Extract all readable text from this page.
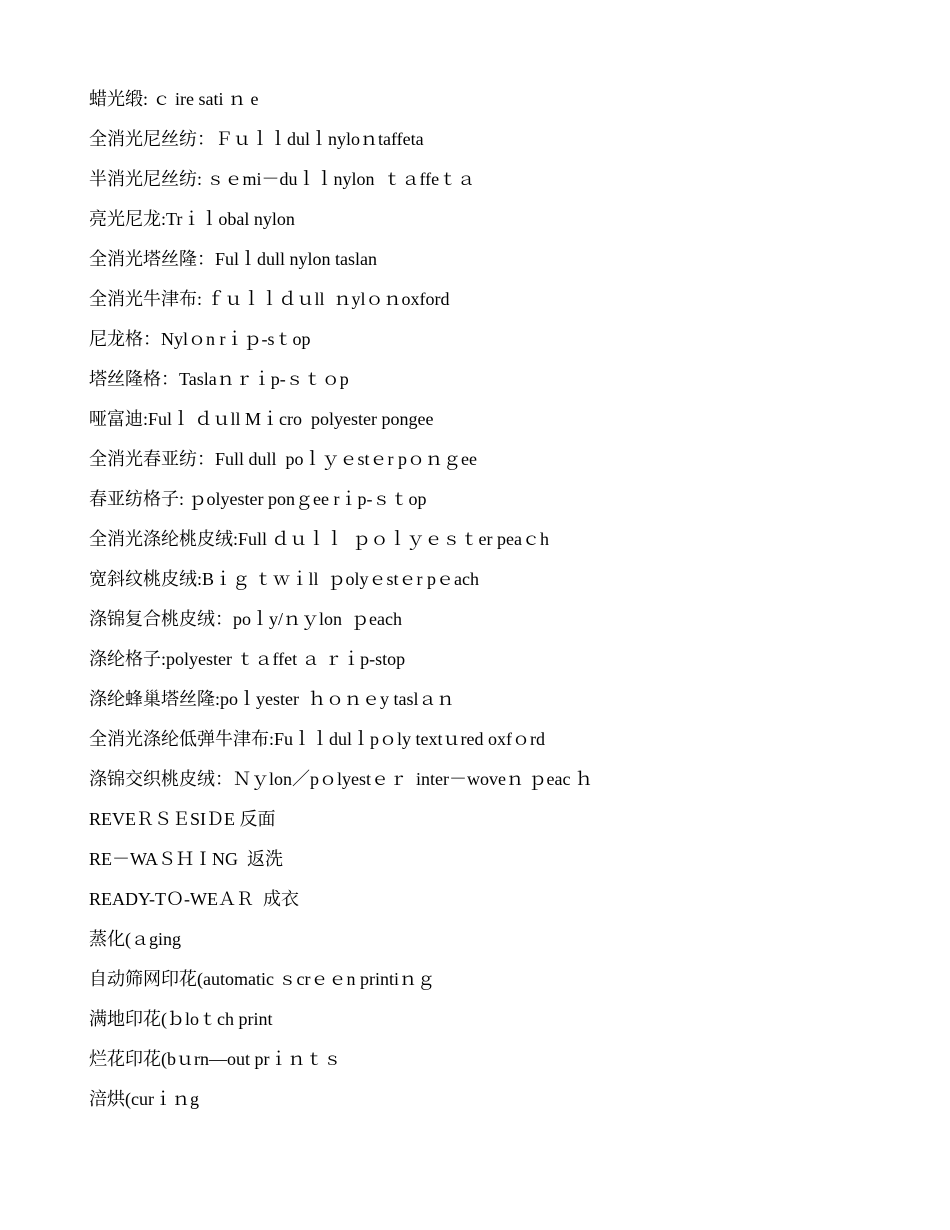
蜡光缎: ｃ ire sati ｎ e
全消光尼丝纺：Ｆｕｌｌdulｌnyloｎtaffeta
半消光尼丝纺: ｓｅmi－duｌｌnylon  ｔａffeｔａ
亮光尼龙:Trｉｌobal nylon
全消光塔丝隆：Fulｌdull nylon taslan
全消光牛津布: ｆｕｌｌｄｕll  ｎylｏｎoxford
尼龙格：Nylｏn rｉｐ-sｔop
塔丝隆格：Taslaｎｒｉp-ｓｔｏp
哑富迪:Fulｌ ｄｕll Mｉcro  polyester pongee
全消光春亚纺：Full dull  poｌｙｅstｅr pｏｎｇee
春亚纺格子: ｐolyester ponｇee rｉp-ｓｔop
全消光涤纶桃皮绒:Full ｄｕｌｌ  ｐｏｌｙｅｓｔer peaｃh
宽斜纹桃皮绒:Bｉｇ ｔｗｉll  ｐolyｅstｅr pｅach
涤锦复合桃皮绒：poｌy/ｎｙlon  ｐeach
涤纶格子:polyester ｔａffet ａ ｒｉp-stop
涤纶蜂巢塔丝隆:poｌyester  ｈｏｎｅy taslａｎ
全消光涤纶低弹牛津布:Fuｌｌdulｌpｏly textｕred oxfｏrd
涤锦交织桃皮绒：Ｎｙlon／pｏlyestｅｒ  inter－woveｎ ｐeac ｈ
REVEＲＳＥSIＤE 反面
RE－WAＳＨＩNG  返洗
READY-TＯ-WEＡＲ  成衣
蒸化(ａging
自动筛网印花(automatic ｓcrｅｅn printiｎｇ
满地印花(ｂloｔch print
烂花印花(bｕrn—out prｉｎｔｓ
涪烘(curｉｎg
